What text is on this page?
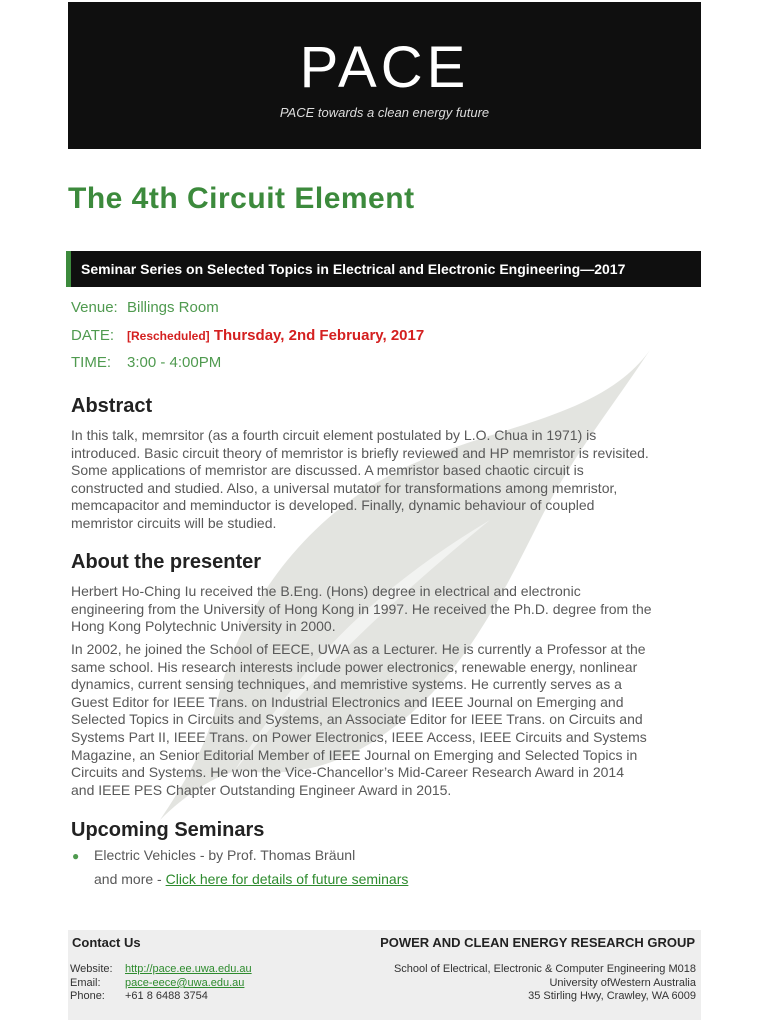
PACE
PACE towards a clean energy future
The 4th Circuit Element
Seminar Series on Selected Topics in Electrical and Electronic Engineering—2017
Venue: Billings Room
DATE: [Rescheduled] Thursday, 2nd February, 2017
TIME: 3:00 - 4:00PM
Abstract
In this talk, memrsitor (as a fourth circuit element postulated by L.O. Chua in 1971) is
introduced. Basic circuit theory of memristor is briefly reviewed and HP memristor is revisited.
Some applications of memristor are discussed. A memristor based chaotic circuit is
constructed and studied. Also, a universal mutator for transformations among memristor,
memcapacitor and meminductor is developed. Finally, dynamic behaviour of coupled
memristor circuits will be studied.
About the presenter
Herbert Ho-Ching Iu received the B.Eng. (Hons) degree in electrical and electronic
engineering from the University of Hong Kong in 1997. He received the Ph.D. degree from the
Hong Kong Polytechnic University in 2000.
In 2002, he joined the School of EECE, UWA as a Lecturer. He is currently a Professor at the
same school. His research interests include power electronics, renewable energy, nonlinear
dynamics, current sensing techniques, and memristive systems. He currently serves as a
Guest Editor for IEEE Trans. on Industrial Electronics and IEEE Journal on Emerging and
Selected Topics in Circuits and Systems, an Associate Editor for IEEE Trans. on Circuits and
Systems Part II, IEEE Trans. on Power Electronics, IEEE Access, IEEE Circuits and Systems
Magazine, an Senior Editorial Member of IEEE Journal on Emerging and Selected Topics in
Circuits and Systems. He won the Vice-Chancellor’s Mid-Career Research Award in 2014
and IEEE PES Chapter Outstanding Engineer Award in 2015.
Upcoming Seminars
● Electric Vehicles - by Prof. Thomas Bräunl
and more - Click here for details of future seminars
Contact Us	POWER AND CLEAN ENERGY RESEARCH GROUP
Website: http://pace.ee.uwa.edu.au
Email: pace-eece@uwa.edu.au
Phone: +61 8 6488 3754
School of Electrical, Electronic & Computer Engineering M018
University ofWestern Australia
35 Stirling Hwy, Crawley, WA 6009
